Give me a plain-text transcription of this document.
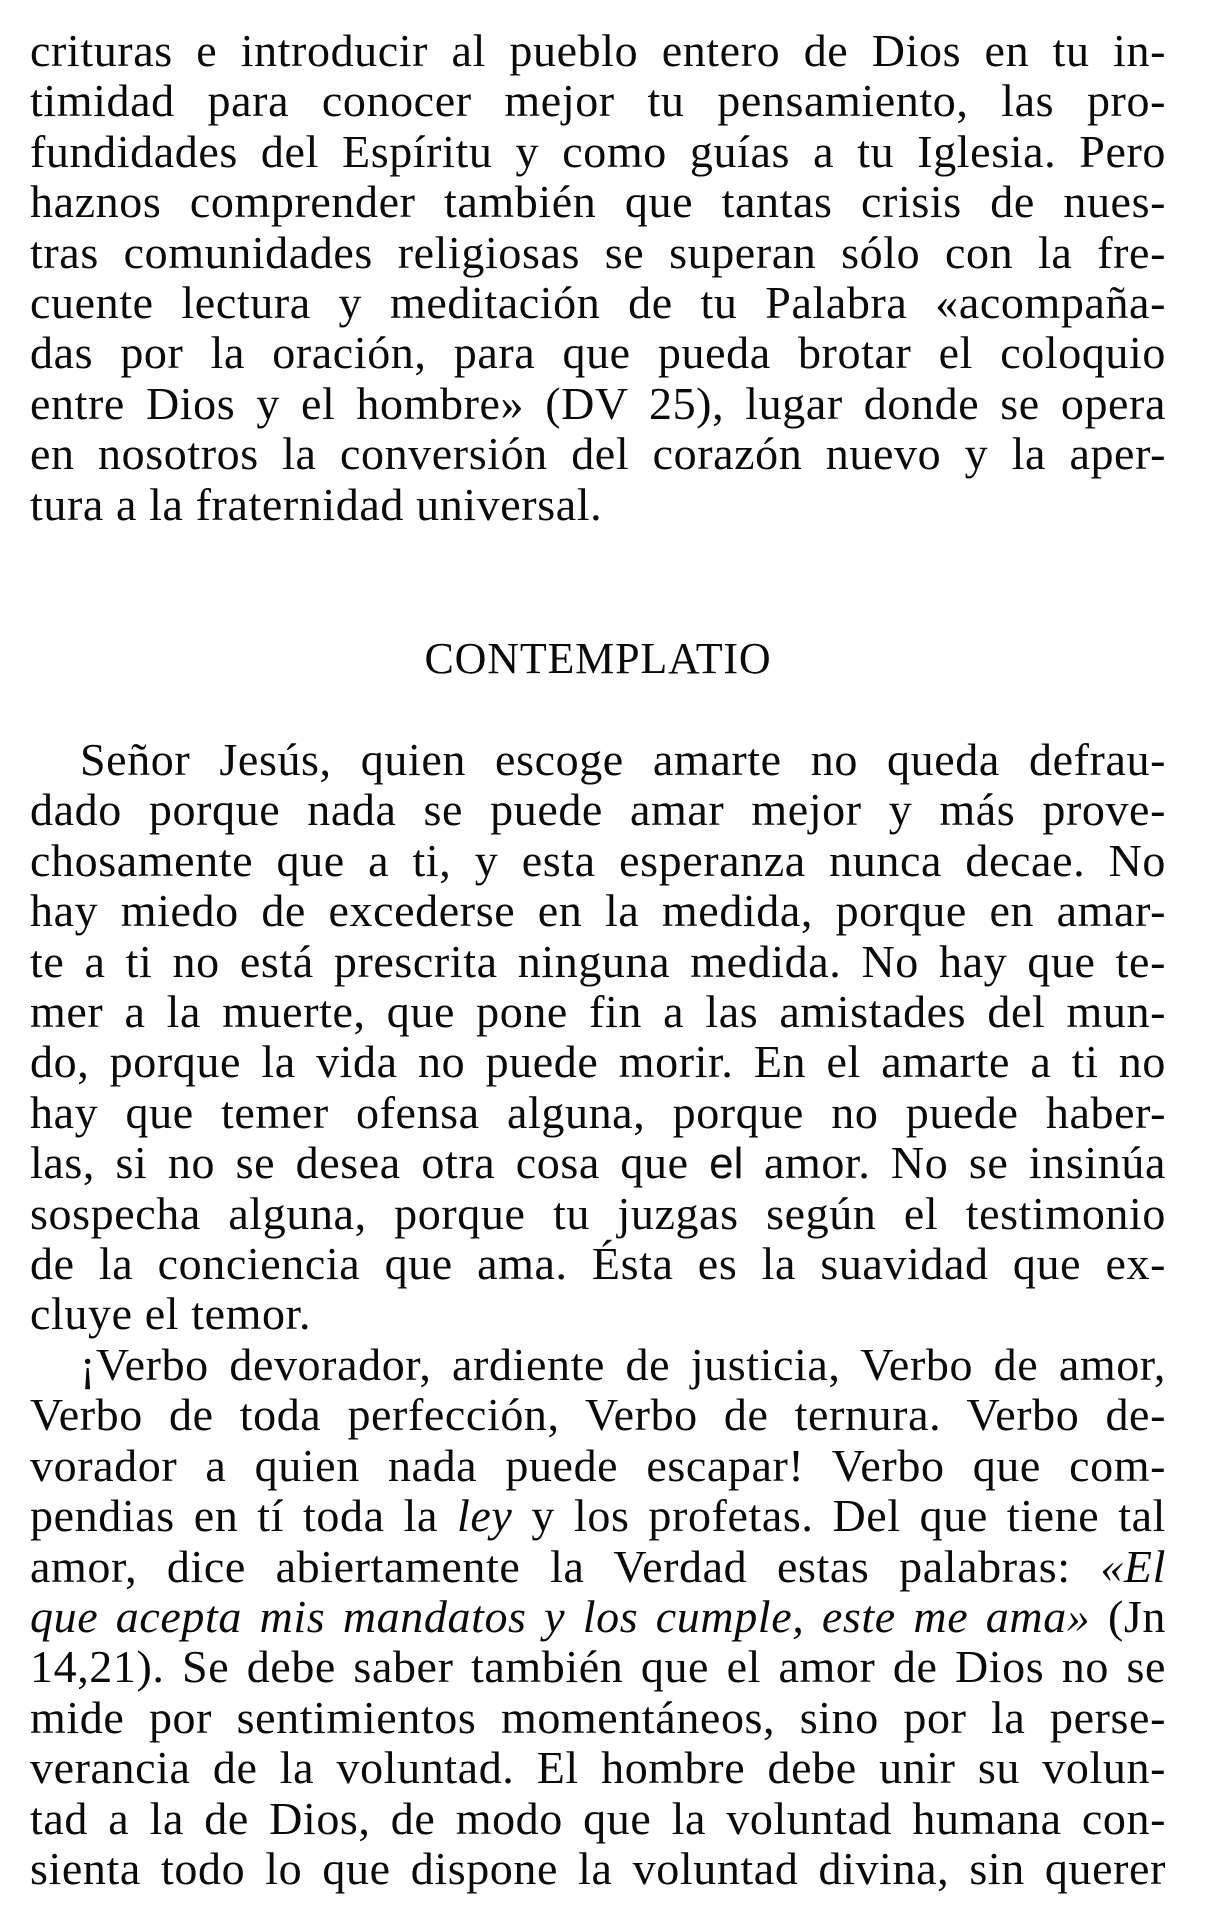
crituras e introducir al pueblo entero de Dios en tu in-
timidad para conocer mejor tu pensamiento, las pro-
fundidades del Espíritu y como guías a tu Iglesia. Pero
haznos comprender también que tantas crisis de nues-
tras comunidades religiosas se superan sólo con la fre-
cuente lectura y meditación de tu Palabra «acompaña-
das por la oración, para que pueda brotar el coloquio
entre Dios y el hombre» (DV 25), lugar donde se opera
en nosotros la conversión del corazón nuevo y la aper-
tura a la fraternidad universal.
CONTEMPLATIO
Señor Jesús, quien escoge amarte no queda defrau-
dado porque nada se puede amar mejor y más prove-
chosamente que a ti, y esta esperanza nunca decae. No
hay miedo de excederse en la medida, porque en amar-
te a ti no está prescrita ninguna medida. No hay que te-
mer a la muerte, que pone fin a las amistades del mun-
do, porque la vida no puede morir. En el amarte a ti no
hay que temer ofensa alguna, porque no puede haber-
las, si no se desea otra cosa que el amor. No se insinúa
sospecha alguna, porque tu juzgas según el testimonio
de la conciencia que ama. Ésta es la suavidad que ex-
cluye el temor.
¡Verbo devorador, ardiente de justicia, Verbo de amor,
Verbo de toda perfección, Verbo de ternura. Verbo de-
vorador a quien nada puede escapar! Verbo que com-
pendias en tí toda la ley y los profetas. Del que tiene tal
amor, dice abiertamente la Verdad estas palabras: «El
que acepta mis mandatos y los cumple, este me ama» (Jn
14,21). Se debe saber también que el amor de Dios no se
mide por sentimientos momentáneos, sino por la perse-
verancia de la voluntad. El hombre debe unir su volun-
tad a la de Dios, de modo que la voluntad humana con-
sienta todo lo que dispone la voluntad divina, sin querer
